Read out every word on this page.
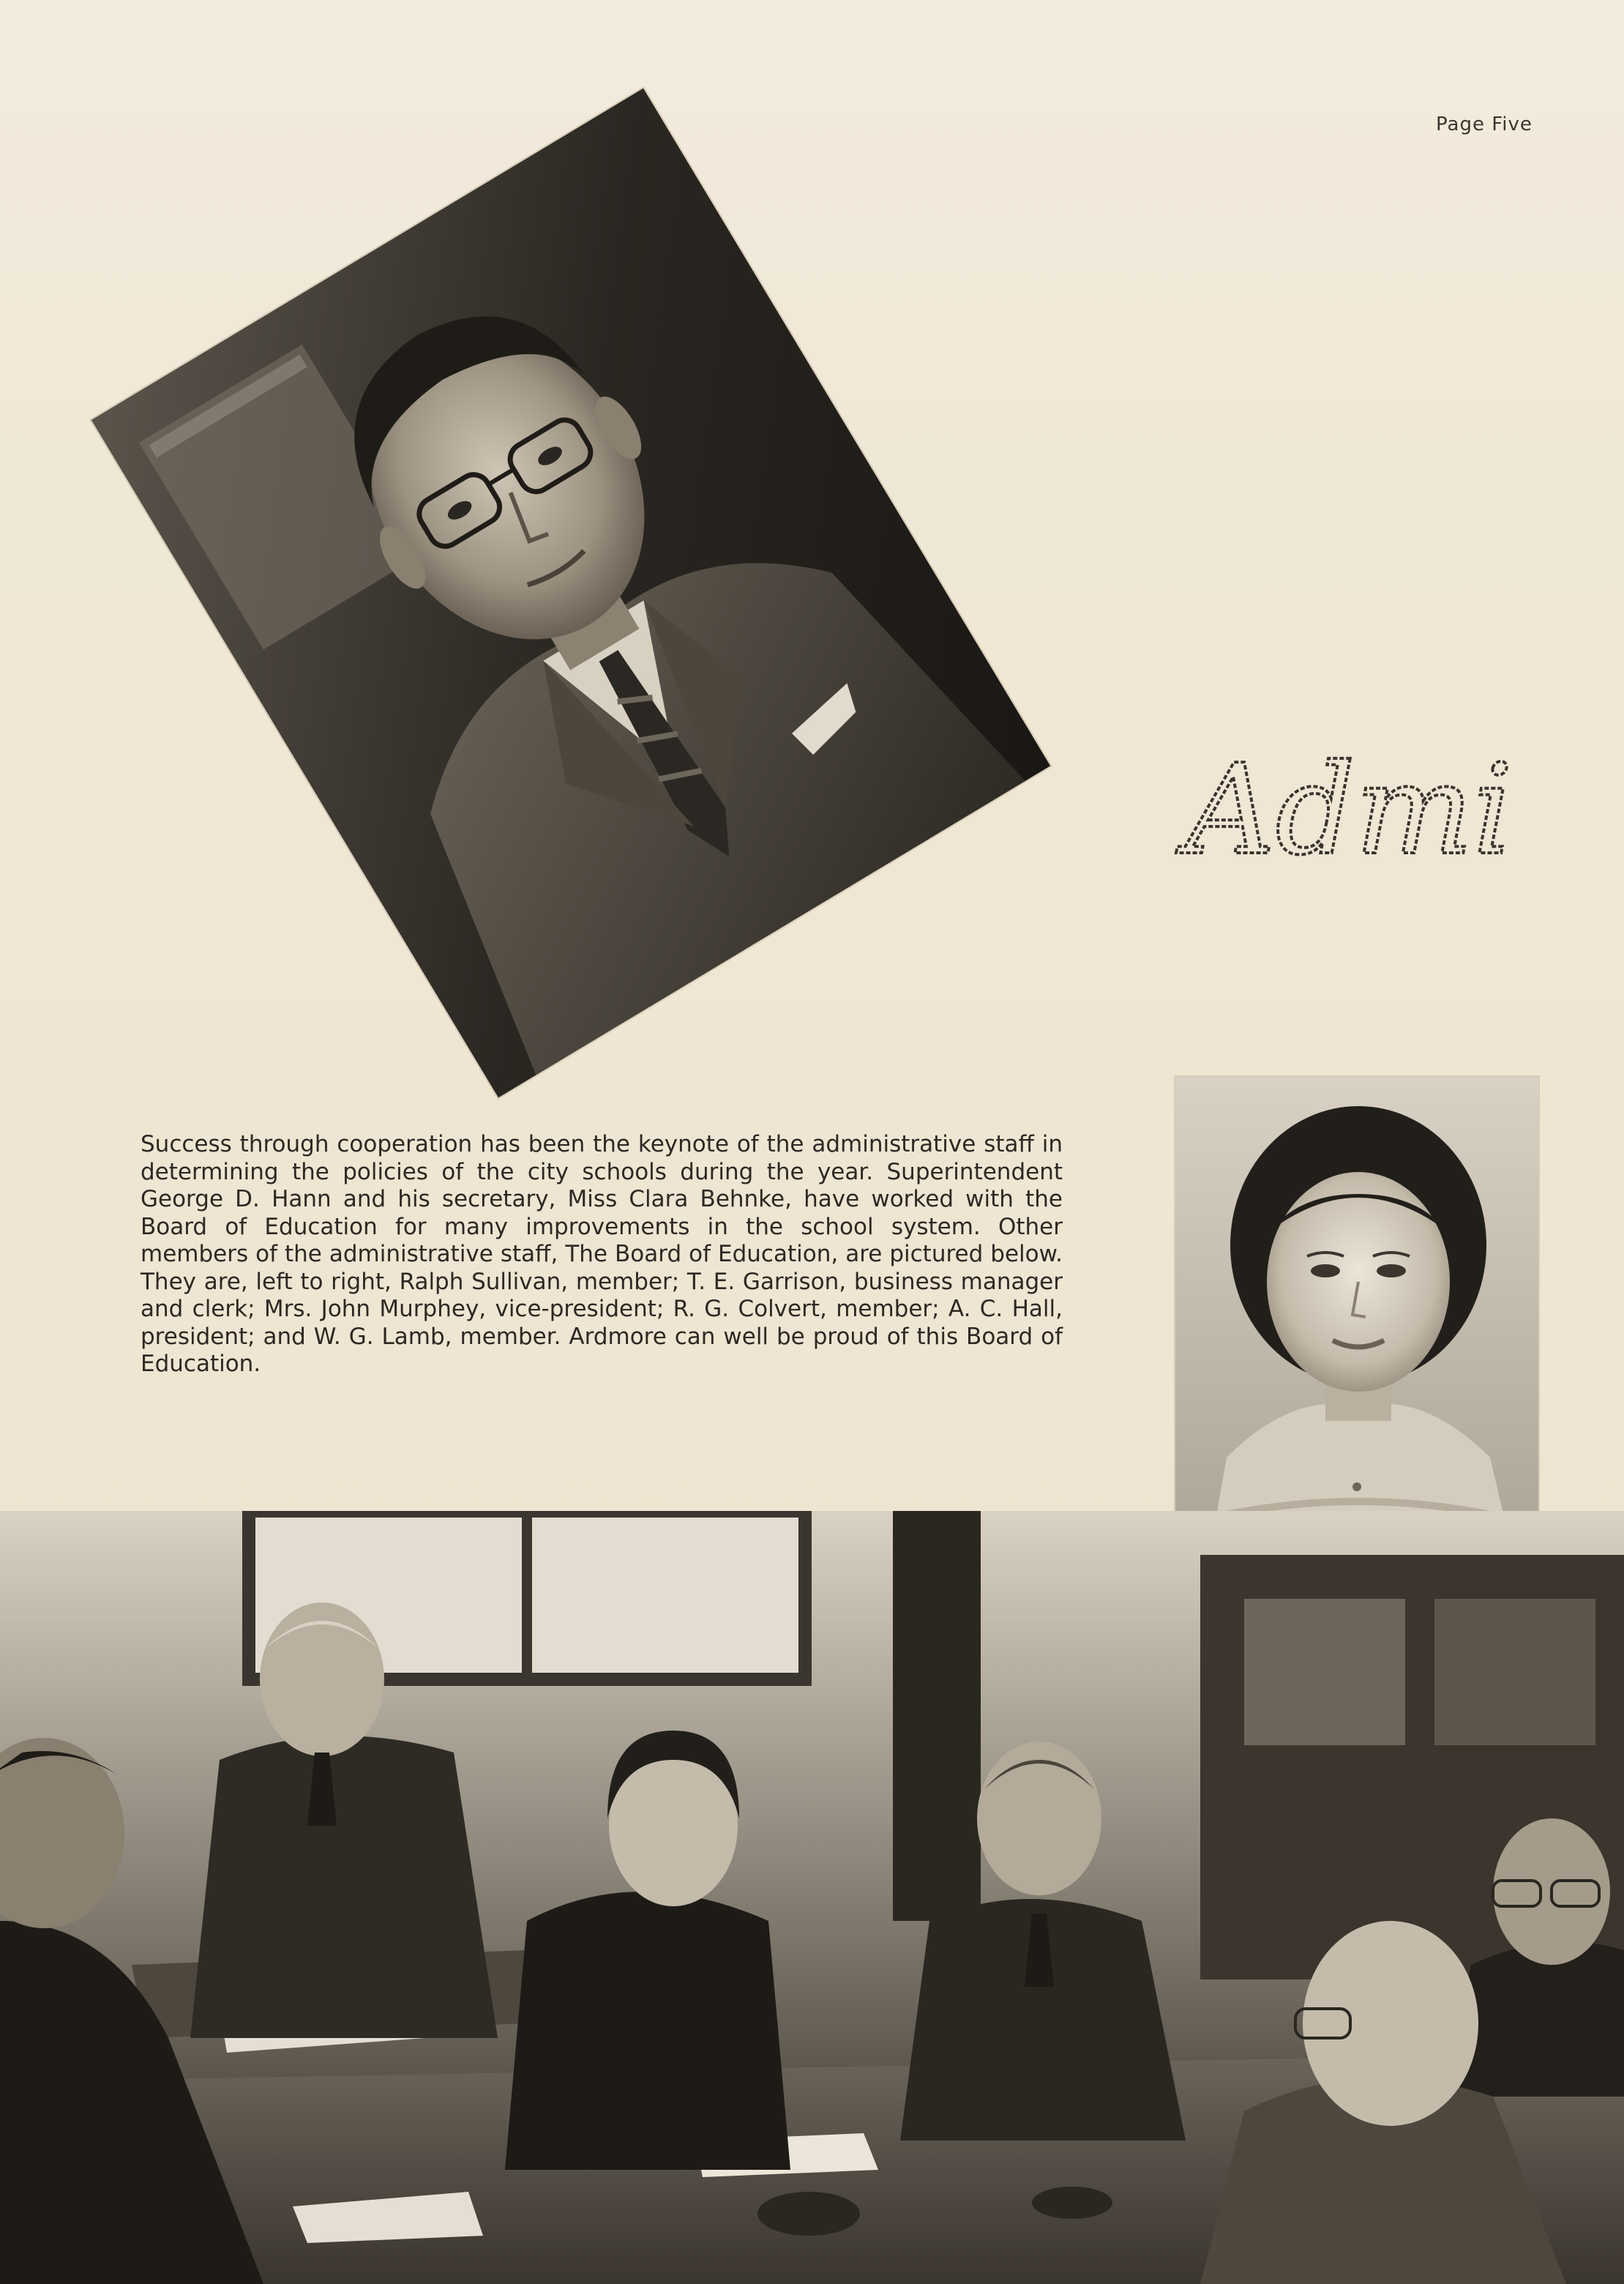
Page Five
Admi

Success through cooperation has been the keynote of the administrative staff in determining the policies of the city schools during the year. Superintendent George D. Hann and his secretary, Miss Clara Behnke, have worked with the Board of Education for many improvements in the school system. Other members of the administrative staff, The Board of Education, are pictured below. They are, left to right, Ralph Sullivan, member; T. E. Garrison, business manager and clerk; Mrs. John Murphey, vice-president; R. G. Colvert, member; A. C. Hall, president; and W. G. Lamb, member. Ardmore can well be proud of this Board of Education.
